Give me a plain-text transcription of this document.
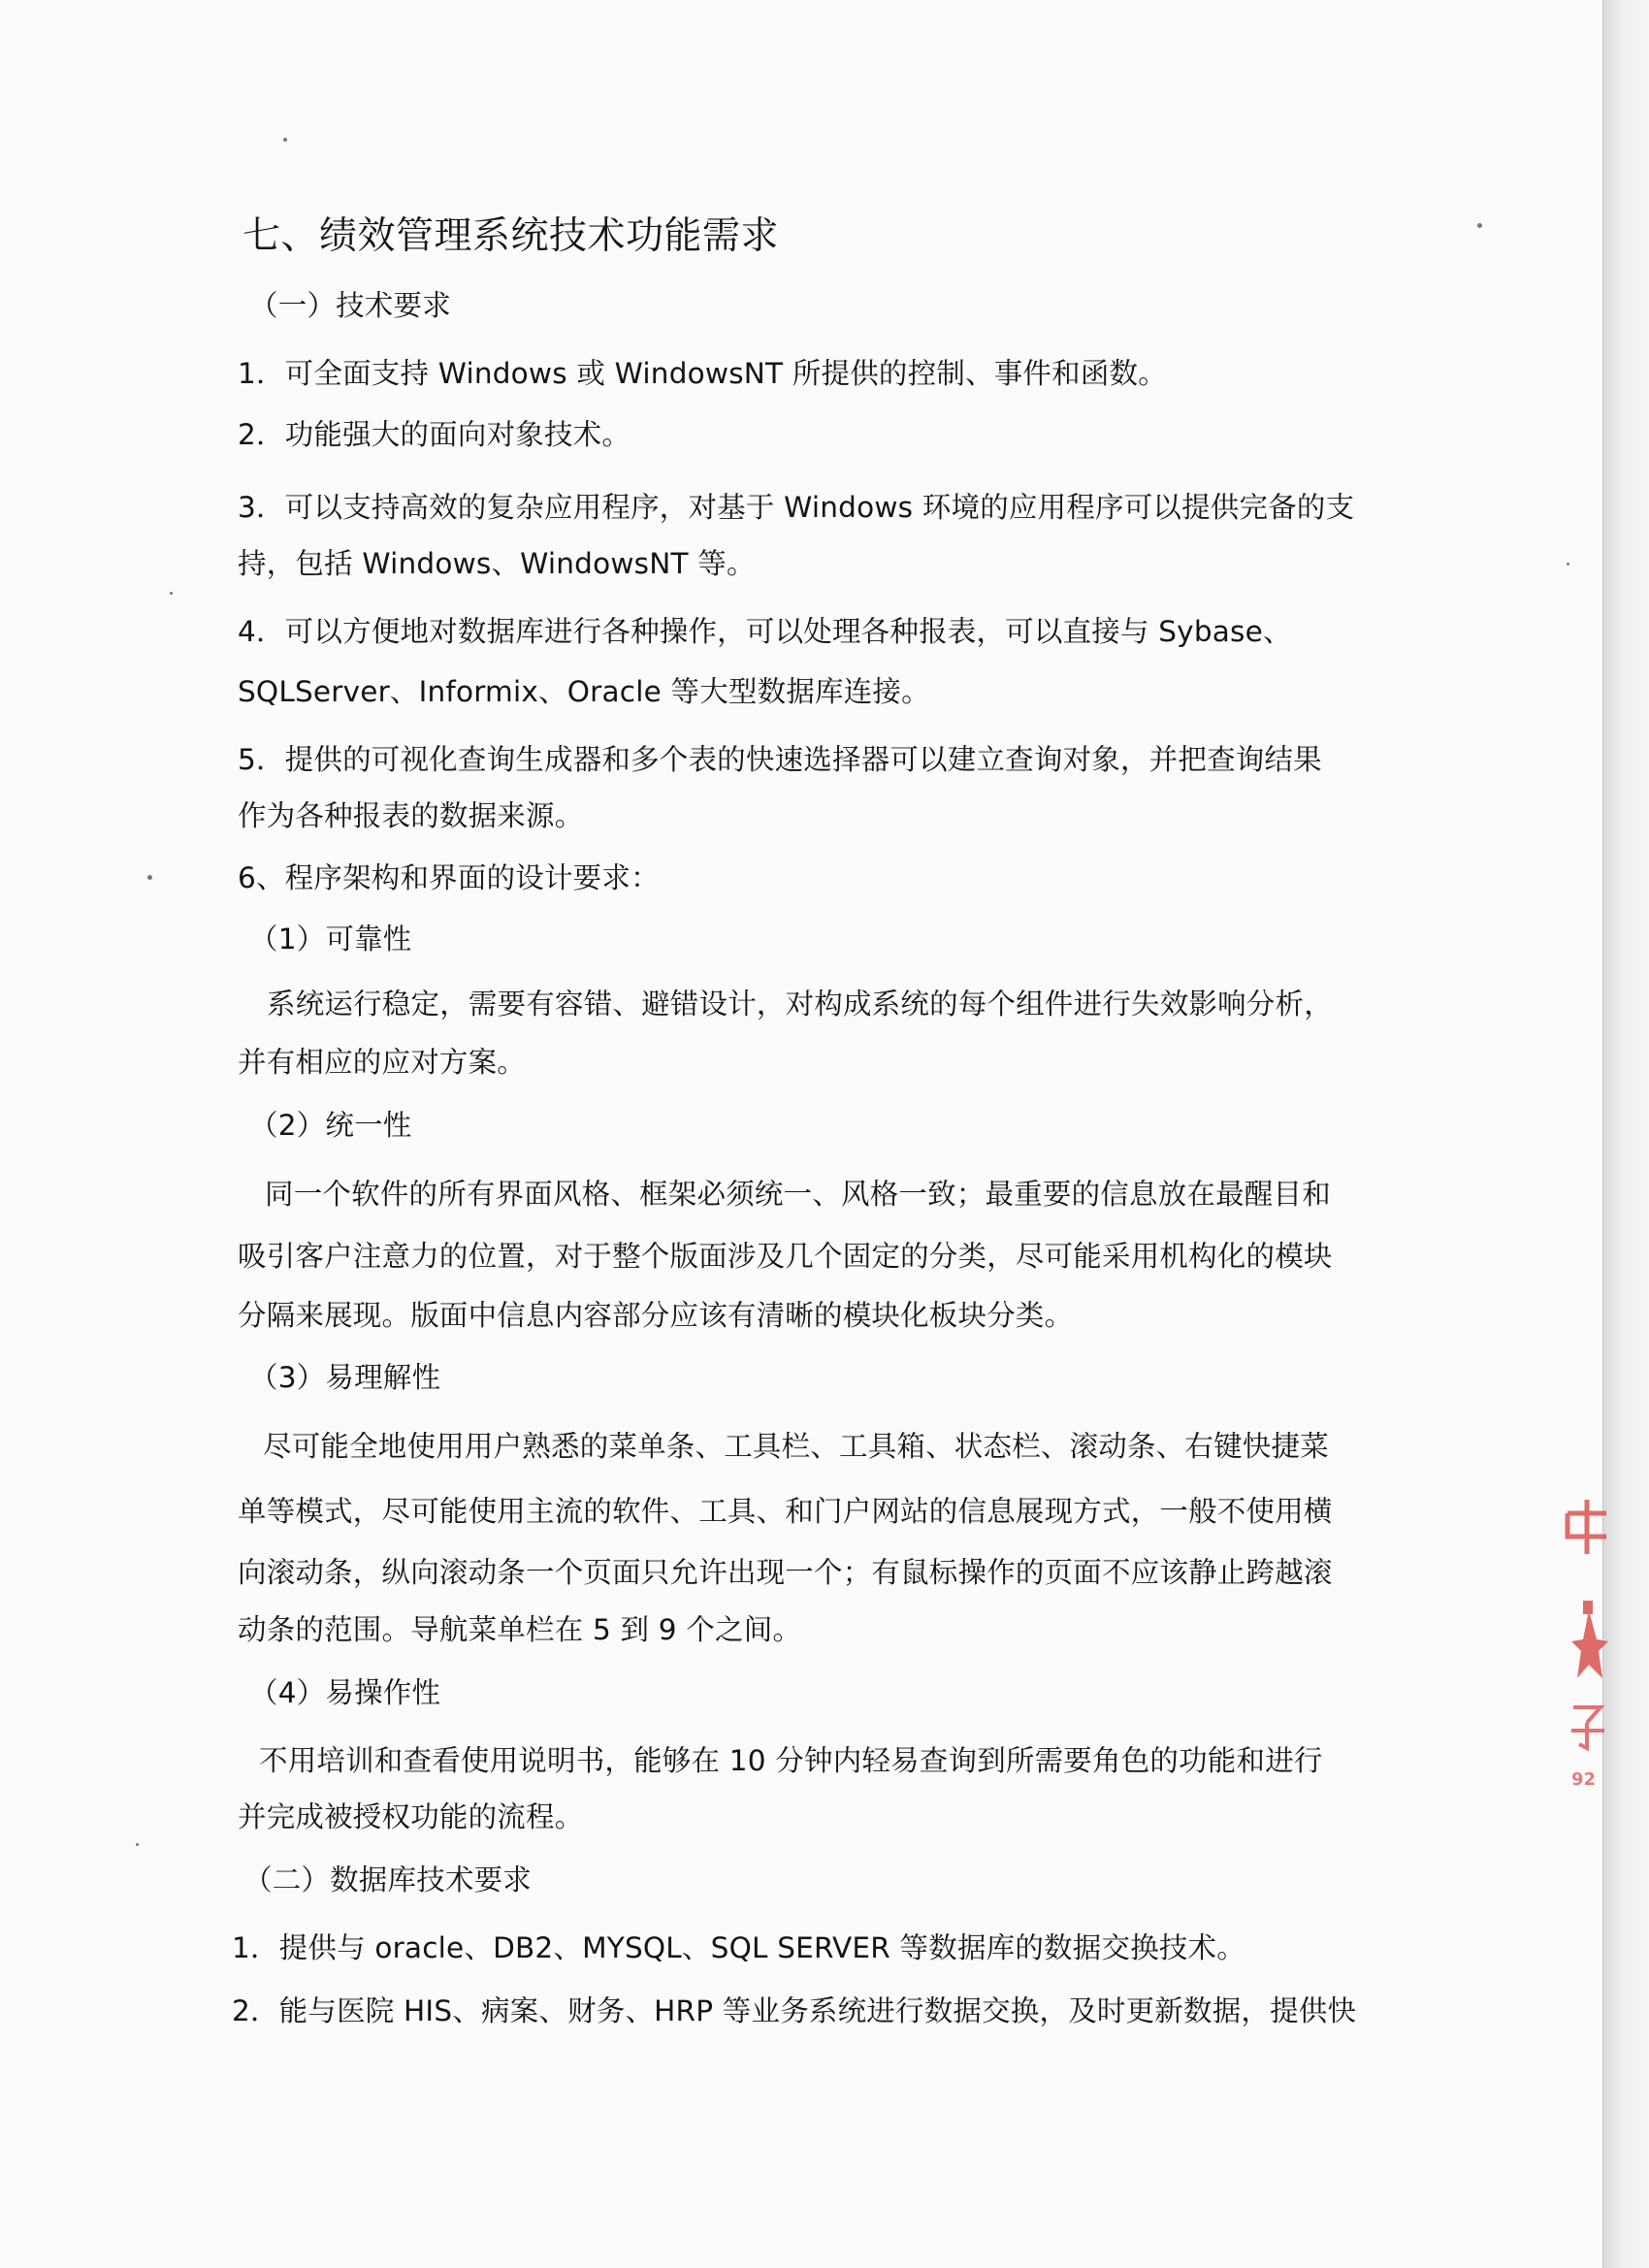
七、绩效管理系统技术功能需求
（一）技术要求
1．可全面支持 Windows 或 WindowsNT 所提供的控制、事件和函数。
2．功能强大的面向对象技术。
3．可以支持高效的复杂应用程序，对基于 Windows 环境的应用程序可以提供完备的支
持，包括 Windows、WindowsNT 等。
4．可以方便地对数据库进行各种操作，可以处理各种报表，可以直接与 Sybase、
SQLServer、Informix、Oracle 等大型数据库连接。
5．提供的可视化查询生成器和多个表的快速选择器可以建立查询对象，并把查询结果
作为各种报表的数据来源。
6、程序架构和界面的设计要求：
（1）可靠性
系统运行稳定，需要有容错、避错设计，对构成系统的每个组件进行失效影响分析，
并有相应的应对方案。
（2）统一性
同一个软件的所有界面风格、框架必须统一、风格一致；最重要的信息放在最醒目和
吸引客户注意力的位置，对于整个版面涉及几个固定的分类，尽可能采用机构化的模块
分隔来展现。版面中信息内容部分应该有清晰的模块化板块分类。
（3）易理解性
尽可能全地使用用户熟悉的菜单条、工具栏、工具箱、状态栏、滚动条、右键快捷菜
单等模式，尽可能使用主流的软件、工具、和门户网站的信息展现方式，一般不使用横
向滚动条，纵向滚动条一个页面只允许出现一个；有鼠标操作的页面不应该静止跨越滚
动条的范围。导航菜单栏在 5 到 9 个之间。
（4）易操作性
不用培训和查看使用说明书，能够在 10 分钟内轻易查询到所需要角色的功能和进行
并完成被授权功能的流程。
（二）数据库技术要求
1．提供与 oracle、DB2、MYSQL、SQL SERVER 等数据库的数据交换技术。
2．能与医院 HIS、病案、财务、HRP 等业务系统进行数据交换，及时更新数据，提供快
92
